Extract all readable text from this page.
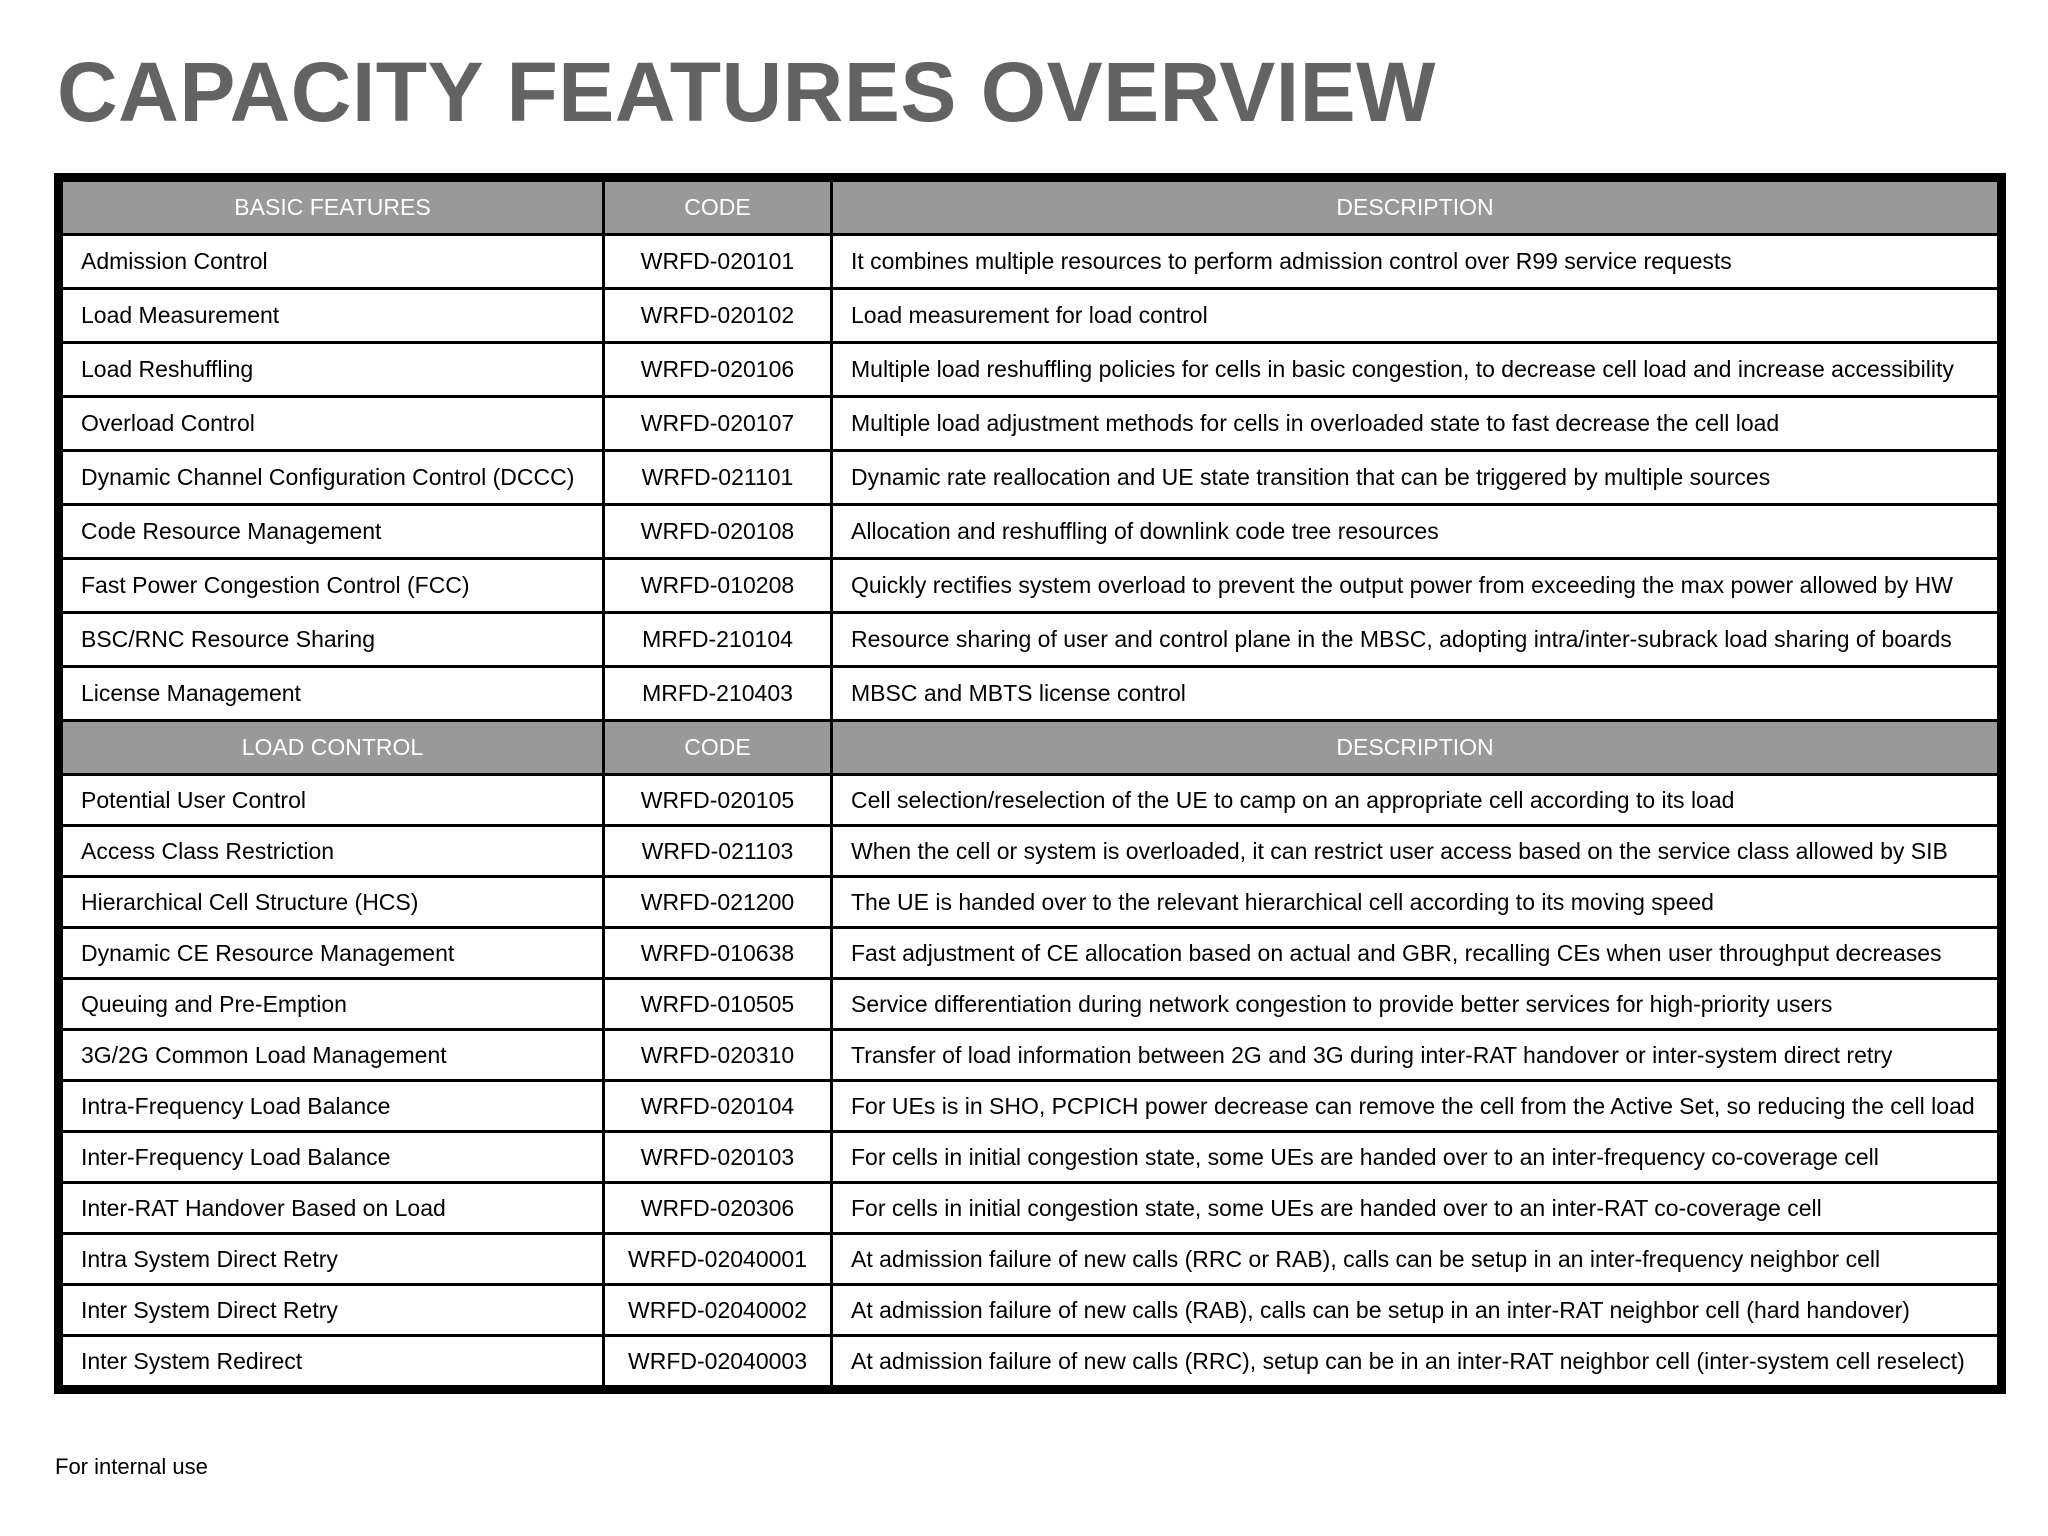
CAPACITY FEATURES OVERVIEW
BASIC FEATURES	CODE	DESCRIPTION
Admission Control	WRFD-020101	It combines multiple resources to perform admission control over R99 service requests
Load Measurement	WRFD-020102	Load measurement for load control
Load Reshuffling	WRFD-020106	Multiple load reshuffling policies for cells in basic congestion, to decrease cell load and increase accessibility
Overload Control	WRFD-020107	Multiple load adjustment methods for cells in overloaded state to fast decrease the cell load
Dynamic Channel Configuration Control (DCCC)	WRFD-021101	Dynamic rate reallocation and UE state transition that can be triggered by multiple sources
Code Resource Management	WRFD-020108	Allocation and reshuffling of downlink code tree resources
Fast Power Congestion Control (FCC)	WRFD-010208	Quickly rectifies system overload to prevent the output power from exceeding the max power allowed by HW
BSC/RNC Resource Sharing	MRFD-210104	Resource sharing of user and control plane in the MBSC, adopting intra/inter-subrack load sharing of boards
License Management	MRFD-210403	MBSC and MBTS license control
LOAD CONTROL	CODE	DESCRIPTION
Potential User Control	WRFD-020105	Cell selection/reselection of the UE to camp on an appropriate cell according to its load
Access Class Restriction	WRFD-021103	When the cell or system is overloaded, it can restrict user access based on the service class allowed by SIB
Hierarchical Cell Structure (HCS)	WRFD-021200	The UE is handed over to the relevant hierarchical cell according to its moving speed
Dynamic CE Resource Management	WRFD-010638	Fast adjustment of CE allocation based on actual and GBR, recalling CEs when user throughput decreases
Queuing and Pre-Emption	WRFD-010505	Service differentiation during network congestion to provide better services for high-priority users
3G/2G Common Load Management	WRFD-020310	Transfer of load information between 2G and 3G during inter-RAT handover or inter-system direct retry
Intra-Frequency Load Balance	WRFD-020104	For UEs is in SHO, PCPICH power decrease can remove the cell from the Active Set, so reducing the cell load
Inter-Frequency Load Balance	WRFD-020103	For cells in initial congestion state, some UEs are handed over to an inter-frequency co-coverage cell
Inter-RAT Handover Based on Load	WRFD-020306	For cells in initial congestion state, some UEs are handed over to an inter-RAT co-coverage cell
Intra System Direct Retry	WRFD-02040001	At admission failure of new calls (RRC or RAB), calls can be setup in an inter-frequency neighbor cell
Inter System Direct Retry	WRFD-02040002	At admission failure of new calls (RAB), calls can be setup in an inter-RAT neighbor cell (hard handover)
Inter System Redirect	WRFD-02040003	At admission failure of new calls (RRC), setup can be in an inter-RAT neighbor cell (inter-system cell reselect)
For internal use
